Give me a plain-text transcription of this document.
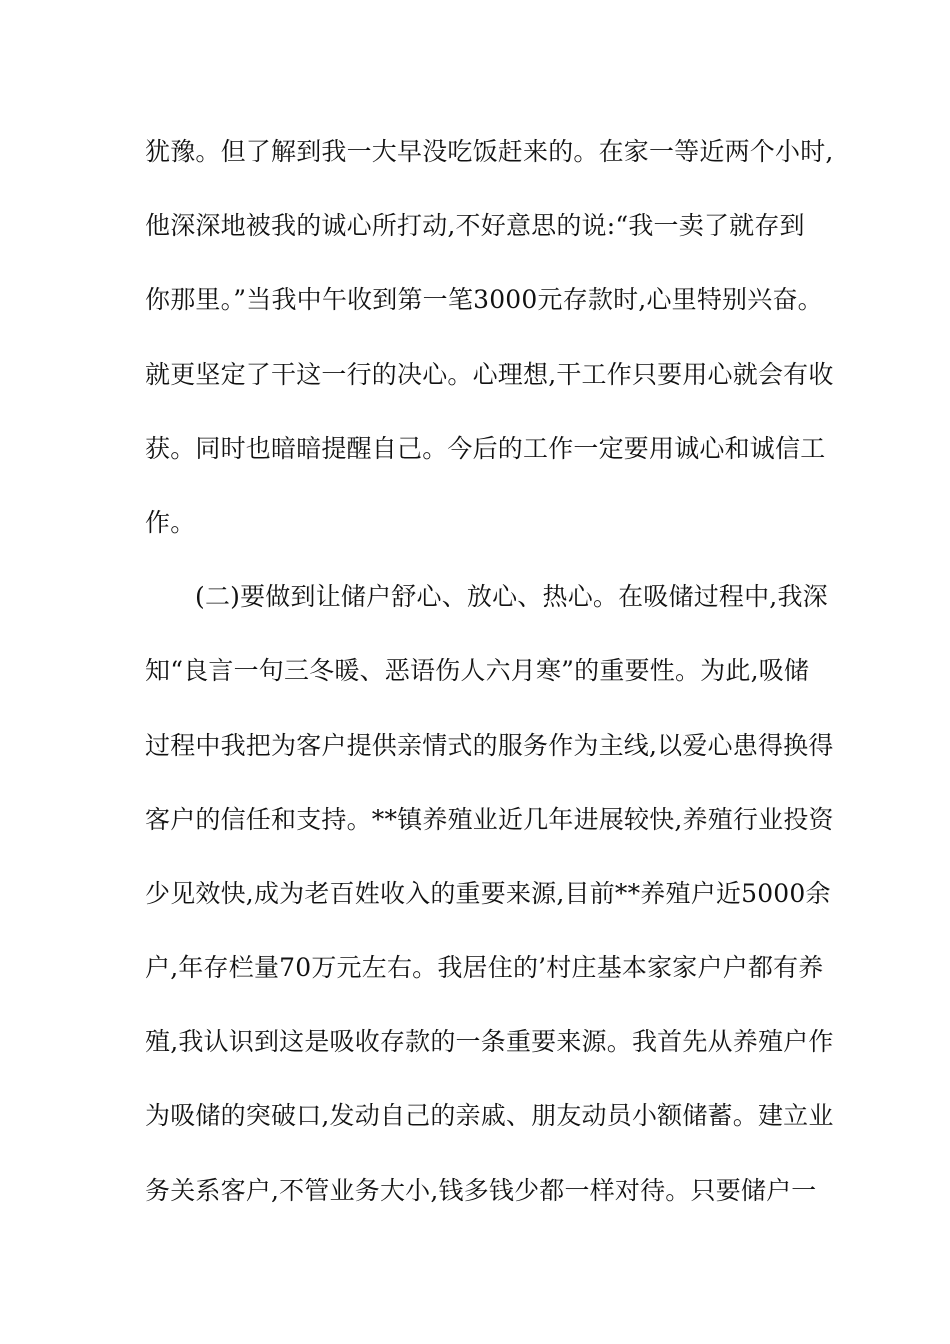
犹豫。但了解到我一大早没吃饭赶来的。在家一等近两个小时,
他深深地被我的诚心所打动,不好意思的说:“我一卖了就存到
你那里。”当我中午收到第一笔3000元存款时,心里特别兴奋。
就更坚定了干这一行的决心。心理想,干工作只要用心就会有收
获。同时也暗暗提醒自己。今后的工作一定要用诚心和诚信工
作。
(二)要做到让储户舒心、放心、热心。在吸储过程中,我深
知“良言一句三冬暖、恶语伤人六月寒”的重要性。为此,吸储
过程中我把为客户提供亲情式的服务作为主线,以爱心患得换得
客户的信任和支持。**镇养殖业近几年进展较快,养殖行业投资
少见效快,成为老百姓收入的重要来源,目前**养殖户近5000余
户,年存栏量70万元左右。我居住的’村庄基本家家户户都有养
殖,我认识到这是吸收存款的一条重要来源。我首先从养殖户作
为吸储的突破口,发动自己的亲戚、朋友动员小额储蓄。建立业
务关系客户,不管业务大小,钱多钱少都一样对待。只要储户一
